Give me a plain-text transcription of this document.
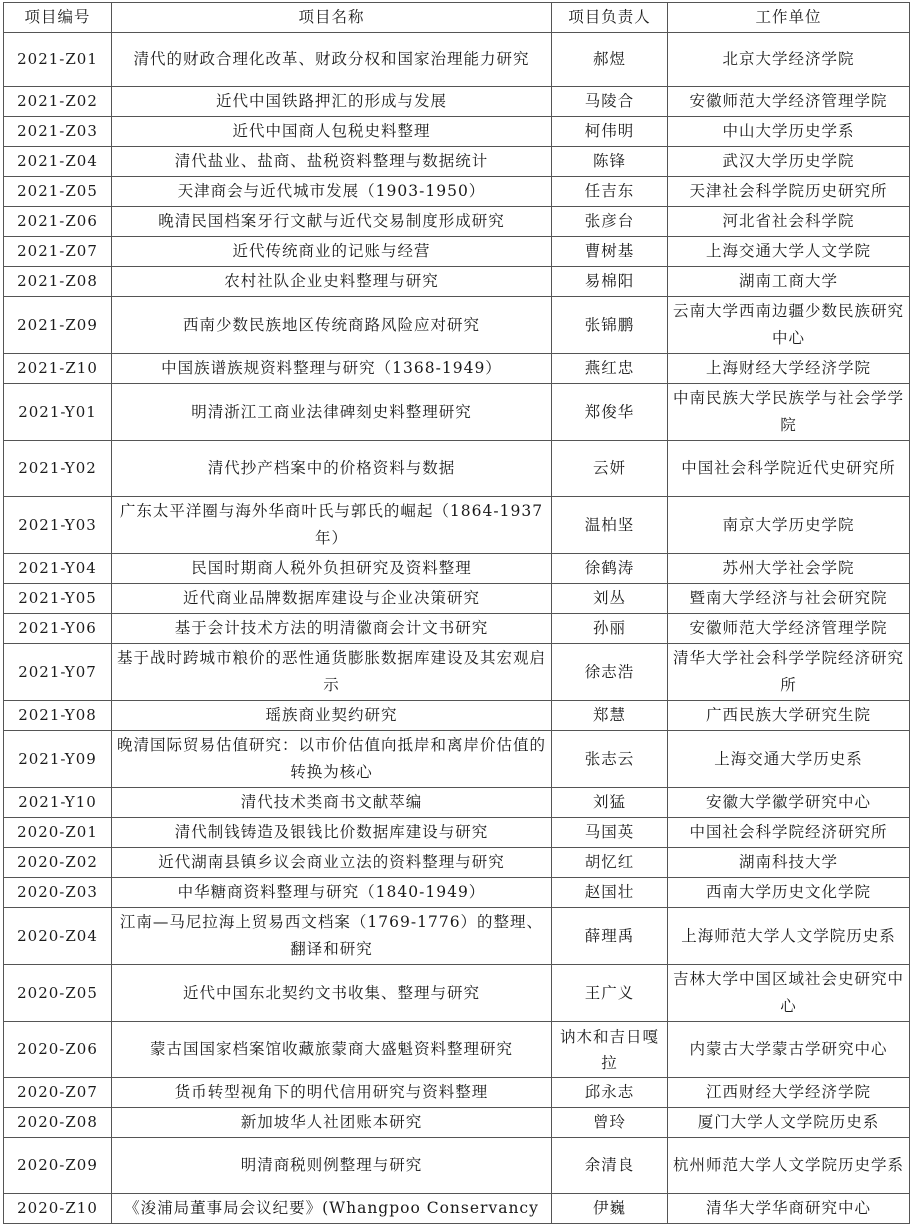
项目编号	项目名称	项目负责人	工作单位
2021-Z01	清代的财政合理化改革、财政分权和国家治理能力研究	郝煜	北京大学经济学院
2021-Z02	近代中国铁路押汇的形成与发展	马陵合	安徽师范大学经济管理学院
2021-Z03	近代中国商人包税史料整理	柯伟明	中山大学历史学系
2021-Z04	清代盐业、盐商、盐税资料整理与数据统计	陈锋	武汉大学历史学院
2021-Z05	天津商会与近代城市发展（1903-1950）	任吉东	天津社会科学院历史研究所
2021-Z06	晚清民国档案牙行文献与近代交易制度形成研究	张彦台	河北省社会科学院
2021-Z07	近代传统商业的记账与经营	曹树基	上海交通大学人文学院
2021-Z08	农村社队企业史料整理与研究	易棉阳	湖南工商大学
2021-Z09	西南少数民族地区传统商路风险应对研究	张锦鹏	云南大学西南边疆少数民族研究中心
2021-Z10	中国族谱族规资料整理与研究（1368-1949）	燕红忠	上海财经大学经济学院
2021-Y01	明清浙江工商业法律碑刻史料整理研究	郑俊华	中南民族大学民族学与社会学学院
2021-Y02	清代抄产档案中的价格资料与数据	云妍	中国社会科学院近代史研究所
2021-Y03	广东太平洋圈与海外华商叶氏与郭氏的崛起（1864-1937年）	温柏坚	南京大学历史学院
2021-Y04	民国时期商人税外负担研究及资料整理	徐鹤涛	苏州大学社会学院
2021-Y05	近代商业品牌数据库建设与企业决策研究	刘丛	暨南大学经济与社会研究院
2021-Y06	基于会计技术方法的明清徽商会计文书研究	孙丽	安徽师范大学经济管理学院
2021-Y07	基于战时跨城市粮价的恶性通货膨胀数据库建设及其宏观启示	徐志浩	清华大学社会科学学院经济研究所
2021-Y08	瑶族商业契约研究	郑慧	广西民族大学研究生院
2021-Y09	晚清国际贸易估值研究：以市价估值向抵岸和离岸价估值的转换为核心	张志云	上海交通大学历史系
2021-Y10	清代技术类商书文献萃编	刘猛	安徽大学徽学研究中心
2020-Z01	清代制钱铸造及银钱比价数据库建设与研究	马国英	中国社会科学院经济研究所
2020-Z02	近代湖南县镇乡议会商业立法的资料整理与研究	胡忆红	湖南科技大学
2020-Z03	中华糖商资料整理与研究（1840-1949）	赵国壮	西南大学历史文化学院
2020-Z04	江南—马尼拉海上贸易西文档案（1769-1776）的整理、翻译和研究	薛理禹	上海师范大学人文学院历史系
2020-Z05	近代中国东北契约文书收集、整理与研究	王广义	吉林大学中国区域社会史研究中心
2020-Z06	蒙古国国家档案馆收藏旅蒙商大盛魁资料整理研究	讷木和吉日嘎拉	内蒙古大学蒙古学研究中心
2020-Z07	货币转型视角下的明代信用研究与资料整理	邱永志	江西财经大学经济学院
2020-Z08	新加坡华人社团账本研究	曾玲	厦门大学人文学院历史系
2020-Z09	明清商税则例整理与研究	余清良	杭州师范大学人文学院历史学系
2020-Z10	《浚浦局董事局会议纪要》(Whangpoo Conservancy	伊巍	清华大学华商研究中心
